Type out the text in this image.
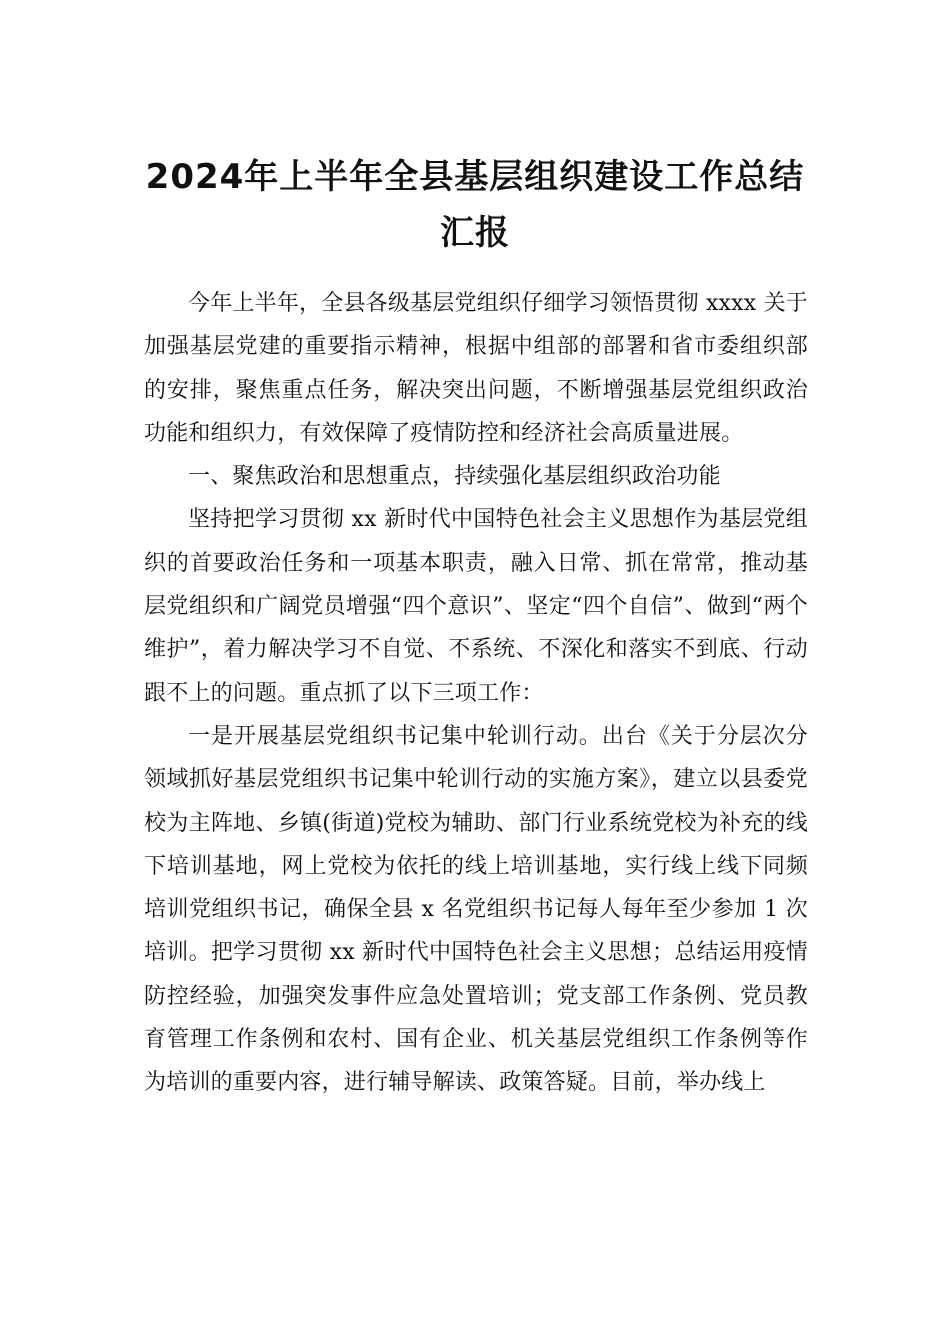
2024年上半年全县基层组织建设工作总结汇报

今年上半年，全县各级基层党组织仔细学习领悟贯彻 xxxx 关于加强基层党建的重要指示精神，根据中组部的部署和省市委组织部的安排，聚焦重点任务，解决突出问题，不断增强基层党组织政治功能和组织力，有效保障了疫情防控和经济社会高质量进展。

一、聚焦政治和思想重点，持续强化基层组织政治功能

坚持把学习贯彻 xx 新时代中国特色社会主义思想作为基层党组织的首要政治任务和一项基本职责，融入日常、抓在常常，推动基层党组织和广阔党员增强“四个意识”、坚定“四个自信”、做到“两个维护”，着力解决学习不自觉、不系统、不深化和落实不到底、行动跟不上的问题。重点抓了以下三项工作：

一是开展基层党组织书记集中轮训行动。出台《关于分层次分领域抓好基层党组织书记集中轮训行动的实施方案》，建立以县委党校为主阵地、乡镇(街道)党校为辅助、部门行业系统党校为补充的线下培训基地，网上党校为依托的线上培训基地，实行线上线下同频培训党组织书记，确保全县 x 名党组织书记每人每年至少参加 1 次培训。把学习贯彻 xx 新时代中国特色社会主义思想；总结运用疫情防控经验，加强突发事件应急处置培训；党支部工作条例、党员教育管理工作条例和农村、国有企业、机关基层党组织工作条例等作为培训的重要内容，进行辅导解读、政策答疑。目前，举办线上
